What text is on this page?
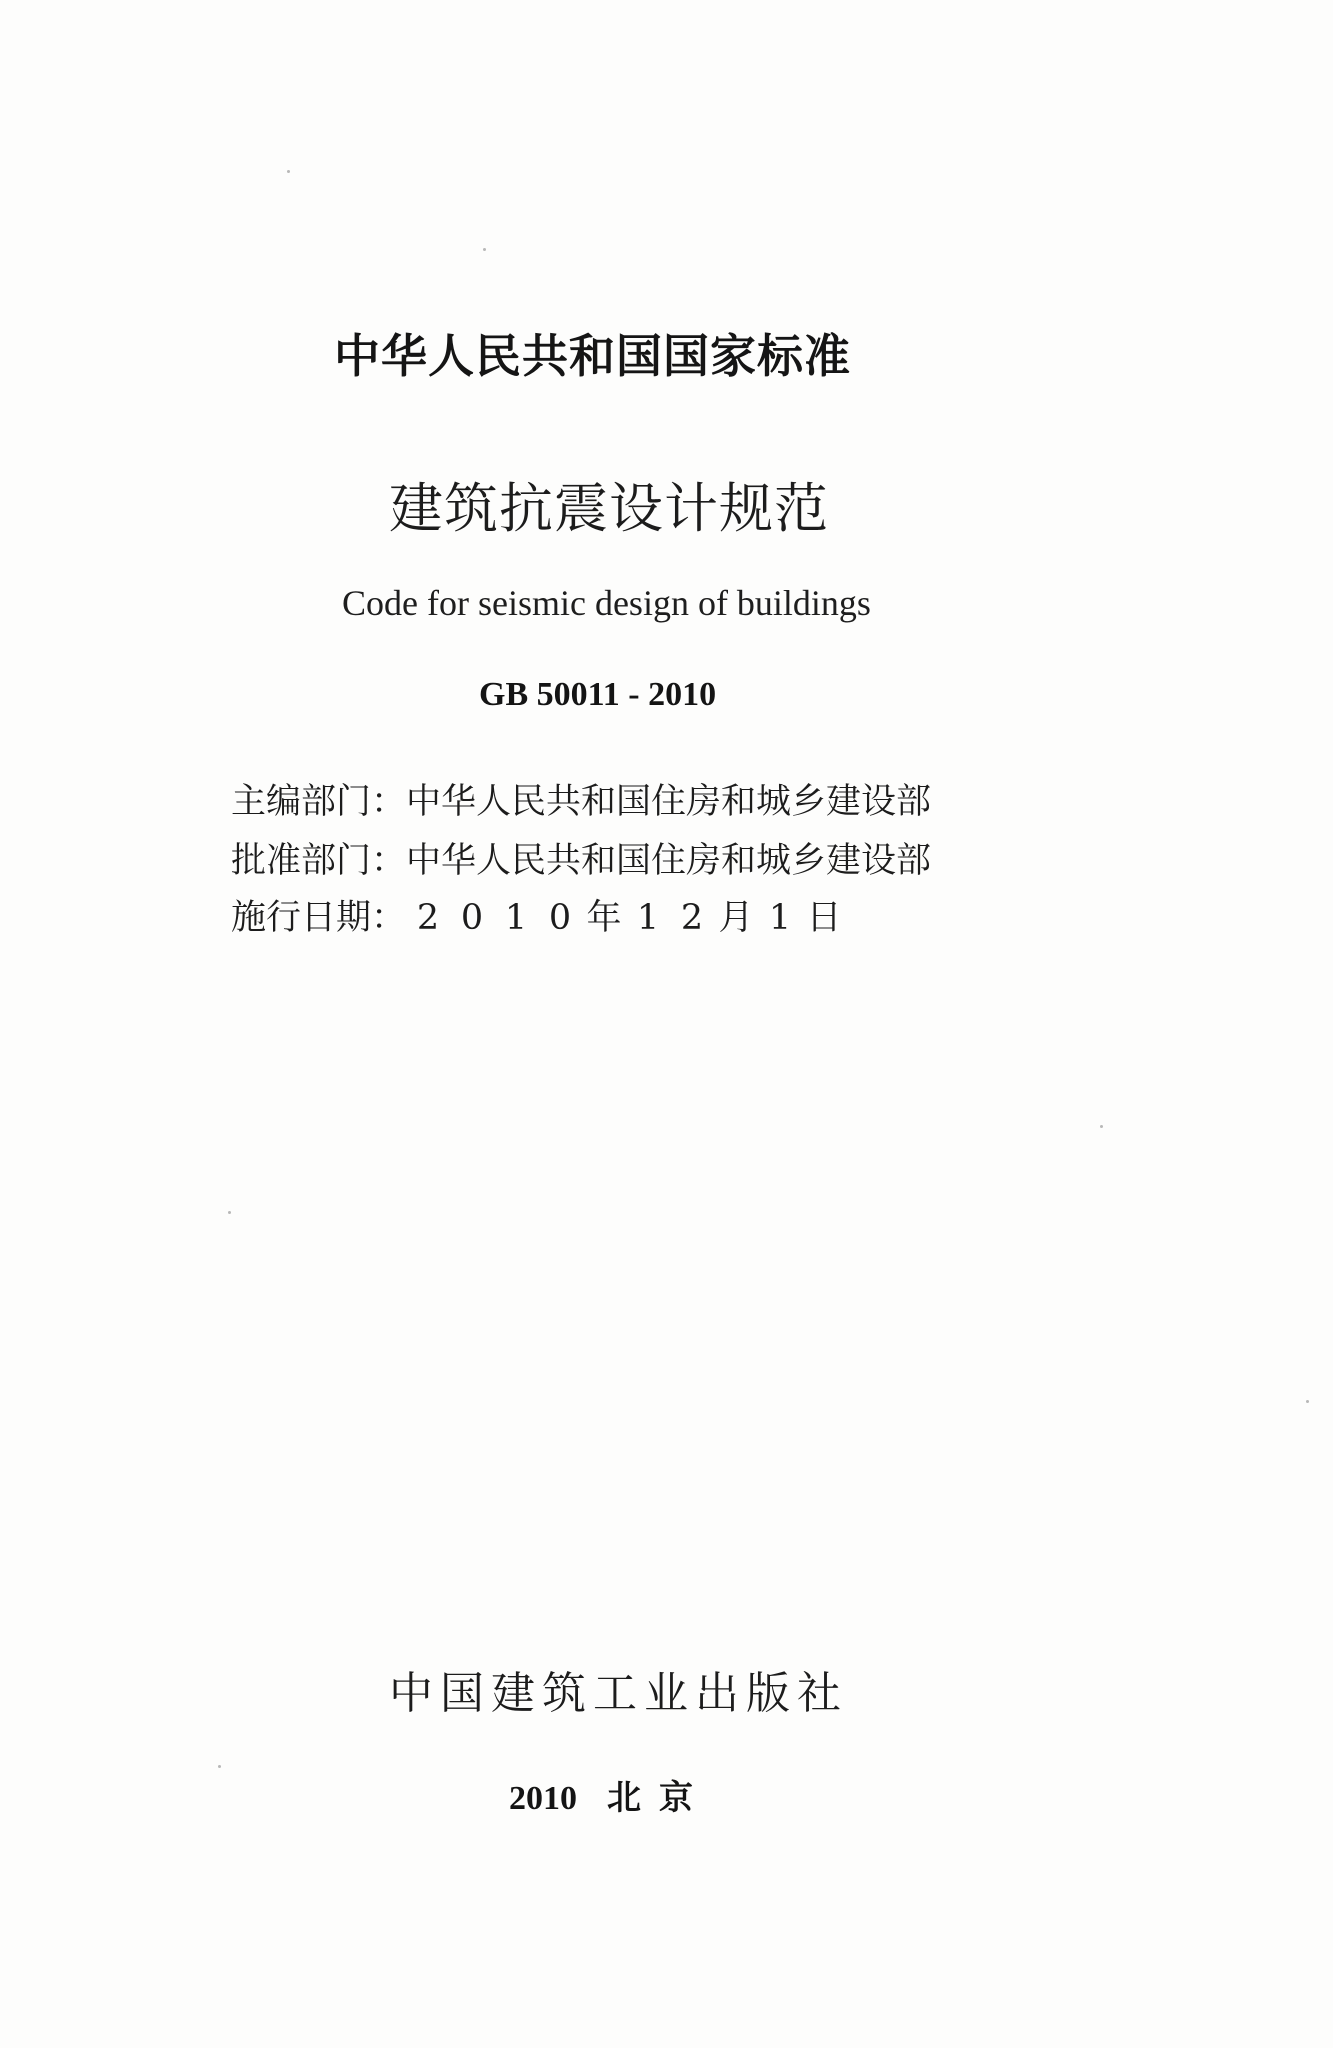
中华人民共和国国家标准
建筑抗震设计规范
Code for seismic design of buildings
GB 50011 - 2010
主编部门： 中华人民共和国住房和城乡建设部
批准部门： 中华人民共和国住房和城乡建设部
施行日期： 2 0 1 0 年 1 2 月 1 日
中国建筑工业出版社
2010 北京
